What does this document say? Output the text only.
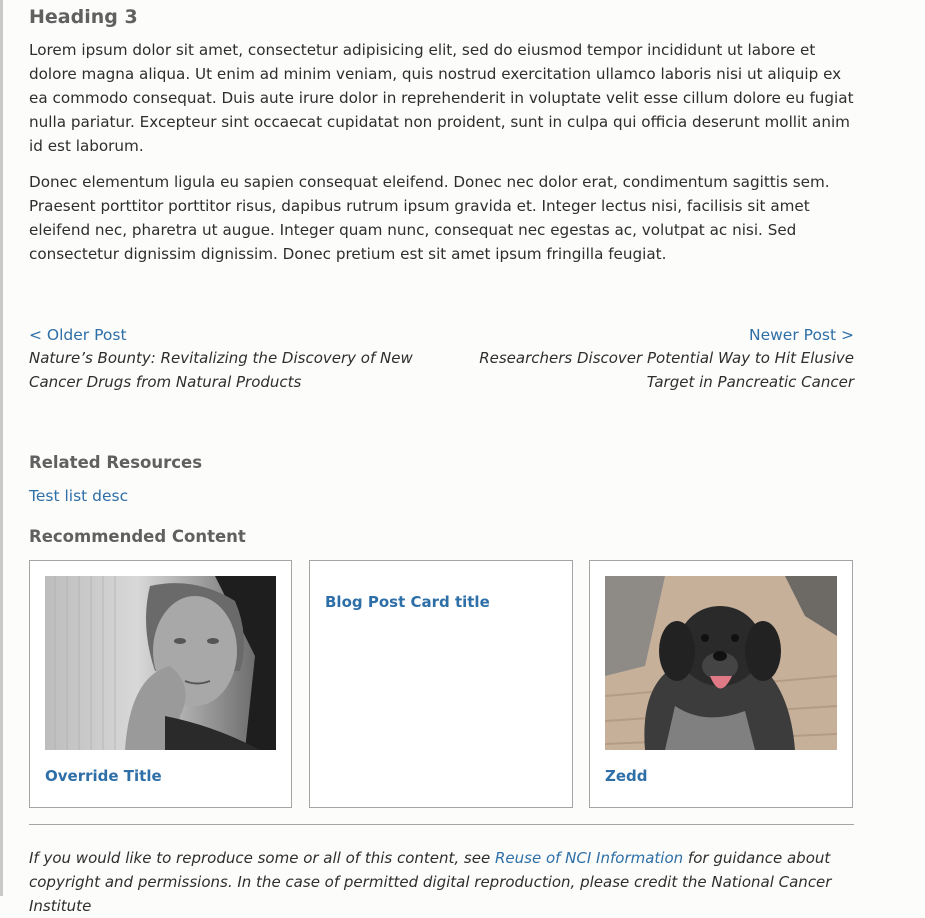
Heading 3

Lorem ipsum dolor sit amet, consectetur adipisicing elit, sed do eiusmod tempor incididunt ut labore et dolore magna aliqua. Ut enim ad minim veniam, quis nostrud exercitation ullamco laboris nisi ut aliquip ex ea commodo consequat. Duis aute irure dolor in reprehenderit in voluptate velit esse cillum dolore eu fugiat nulla pariatur. Excepteur sint occaecat cupidatat non proident, sunt in culpa qui officia deserunt mollit anim id est laborum.

Donec elementum ligula eu sapien consequat eleifend. Donec nec dolor erat, condimentum sagittis sem. Praesent porttitor porttitor risus, dapibus rutrum ipsum gravida et. Integer lectus nisi, facilisis sit amet eleifend nec, pharetra ut augue. Integer quam nunc, consequat nec egestas ac, volutpat ac nisi. Sed consectetur dignissim dignissim. Donec pretium est sit amet ipsum fringilla feugiat.

< Older Post
Nature’s Bounty: Revitalizing the Discovery of New Cancer Drugs from Natural Products
Newer Post >
Researchers Discover Potential Way to Hit Elusive Target in Pancreatic Cancer
Related Resources
Test list desc
Recommended Content
Override Title
Blog Post Card title
Zedd
If you would like to reproduce some or all of this content, see Reuse of NCI Information for guidance about copyright and permissions. In the case of permitted digital reproduction, please credit the National Cancer Institute
